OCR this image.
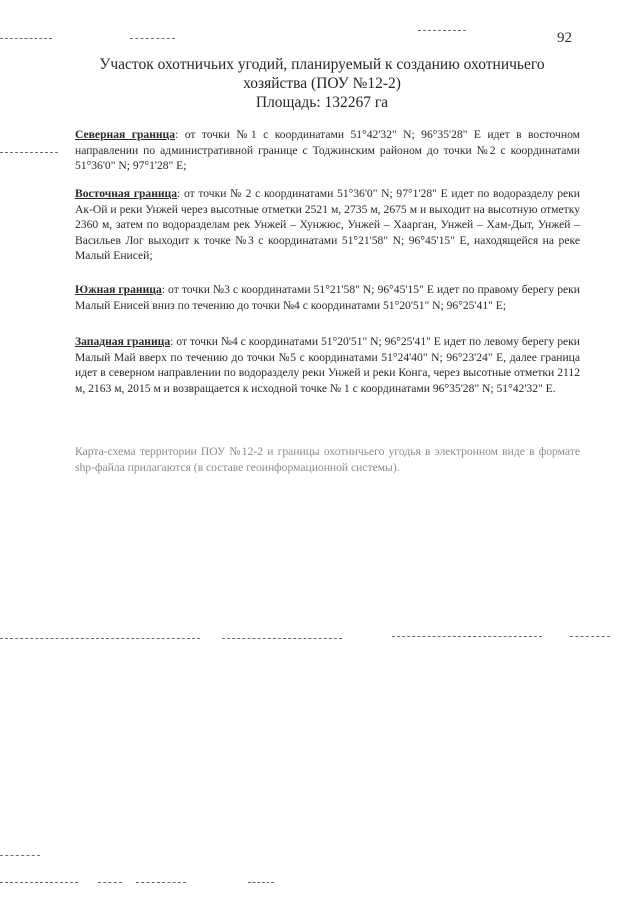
92
Участок охотничьих угодий, планируемый к созданию охотничьего
хозяйства (ПОУ №12-2)
Площадь: 132267 га
Северная граница: от точки №1 с координатами 51°42'32" N; 96°35'28" E идет в восточном направлении по административной границе с Тоджинским районом до точки №2 с координатами 51°36'0" N; 97°1'28" E;
Восточная граница: от точки № 2 с координатами 51°36'0" N; 97°1'28" E идет по водоразделу реки Ак-Ой и реки Унжей через высотные отметки 2521 м, 2735 м, 2675 м и выходит на высотную отметку 2360 м, затем по водоразделам рек Унжей – Хунжюс, Унжей – Хаарган, Унжей – Хам-Дыт, Унжей – Васильев Лог выходит к точке №3 с координатами 51°21'58" N; 96°45'15" E, находящейся на реке Малый Енисей;
Южная граница: от точки №3 с координатами 51°21'58" N; 96°45'15" E идет по правому берегу реки Малый Енисей вниз по течению до точки №4 с координатами 51°20'51" N; 96°25'41" E;
Западная граница: от точки №4 с координатами 51°20'51" N; 96°25'41" E идет по левому берегу реки Малый Май вверх по течению до точки №5 с координатами 51°24'40" N; 96°23'24" E, далее граница идет в северном направлении по водоразделу реки Унжей и реки Конга, через высотные отметки 2112 м, 2163 м, 2015 м и возвращается к исходной точке № 1 с координатами 96°35'28" N; 51°42'32" E.
Карта-схема территории ПОУ №12-2 и границы охотничьего угодья в электронном виде в формате shp-файла прилагаются (в составе геоинформационной системы).
